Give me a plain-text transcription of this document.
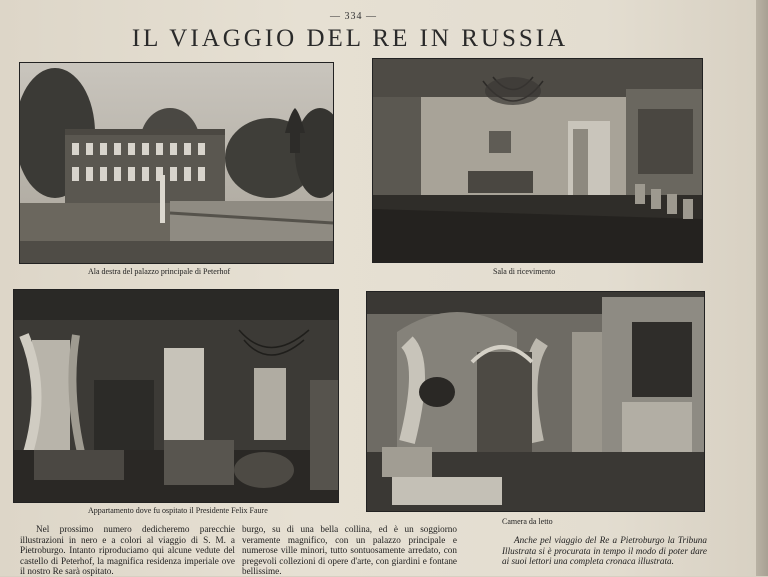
— 334 —
IL VIAGGIO DEL RE IN RUSSIA
Ala destra del palazzo principale di Peterhof	Sala di ricevimento
Appartamento dove fu ospitato il Presidente Felix Faure
Camera da letto

Nel prossimo numero dedicheremo parecchie illustrazioni in nero e a colori al viaggio di S. M. a Pietroburgo. Intanto riproduciamo qui alcune vedute del castello di Peterhof, la magnifica residenza imperiale ove il nostro Re sarà ospitato.

burgo, su di una bella collina, ed è un soggiorno veramente magnifico, con un palazzo principale e numerose ville minori, tutto sontuosamente arredato, con pregevoli collezioni di opere d'arte, con giardini e fontane bellissime.

Anche pel viaggio del Re a Pietroburgo la Tribuna Illustrata si è procurata in tempo il modo di poter dare ai suoi lettori una completa cronaca illustrata.
